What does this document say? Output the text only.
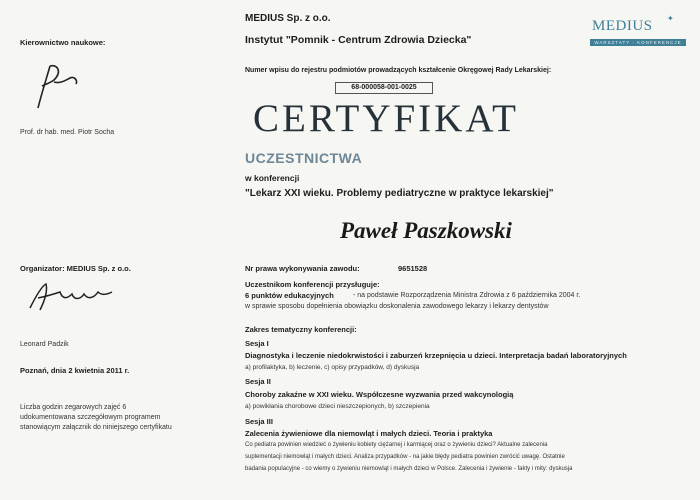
MEDIUS ✦
WARSZTATY - KONFERENCJE
MEDIUS Sp. z o.o.
Instytut "Pomnik - Centrum Zdrowia Dziecka"
Numer wpisu do rejestru podmiotów prowadzących kształcenie Okręgowej Rady Lekarskiej:
68-000058-001-0025
Kierownictwo naukowe:
Prof. dr hab. med. Piotr Socha
Organizator: MEDIUS Sp. z o.o.
Leonard Padzik
Poznań, dnia 2 kwietnia 2011 r.
Liczba godzin zegarowych zajęć 6
udokumentowana szczegółowym programem
stanowiącym załącznik do niniejszego certyfikatu
CERTYFIKAT
UCZESTNICTWA
w konferencji
"Lekarz XXI wieku. Problemy pediatryczne w praktyce lekarskiej"
Paweł Paszkowski
Nr prawa wykonywania zawodu:	9651528
Uczestnikom konferencji przysługuje:
6 punktów edukacyjnych	- na podstawie Rozporządzenia Ministra Zdrowia z 6 października 2004 r.
w sprawie sposobu dopełnienia obowiązku doskonalenia zawodowego lekarzy i lekarzy dentystów
Zakres tematyczny konferencji:
Sesja I
Diagnostyka i leczenie niedokrwistości i zaburzeń krzepnięcia u dzieci. Interpretacja badań laboratoryjnych
a) profilaktyka, b) leczenie, c) opisy przypadków, d) dyskusja
Sesja II
Choroby zakaźne w XXI wieku. Współczesne wyzwania przed wakcynologią
a) powikłania chorobowe dzieci nieszczepionych, b) szczepienia
Sesja III
Zalecenia żywieniowe dla niemowląt i małych dzieci. Teoria i praktyka
Co pediatra powinien wiedzieć o żywieniu kobiety ciężarnej i karmiącej oraz o żywieniu dzieci? Aktualne zalecenia
suplementacji niemowląt i małych dzieci. Analiza przypadków - na jakie błędy pediatra powinien zwrócić uwagę. Ostatnie
badania populacyjne - co wiemy o żywieniu niemowląt i małych dzieci w Polsce. Zalecenia i żywienie - fakty i mity: dyskusja
